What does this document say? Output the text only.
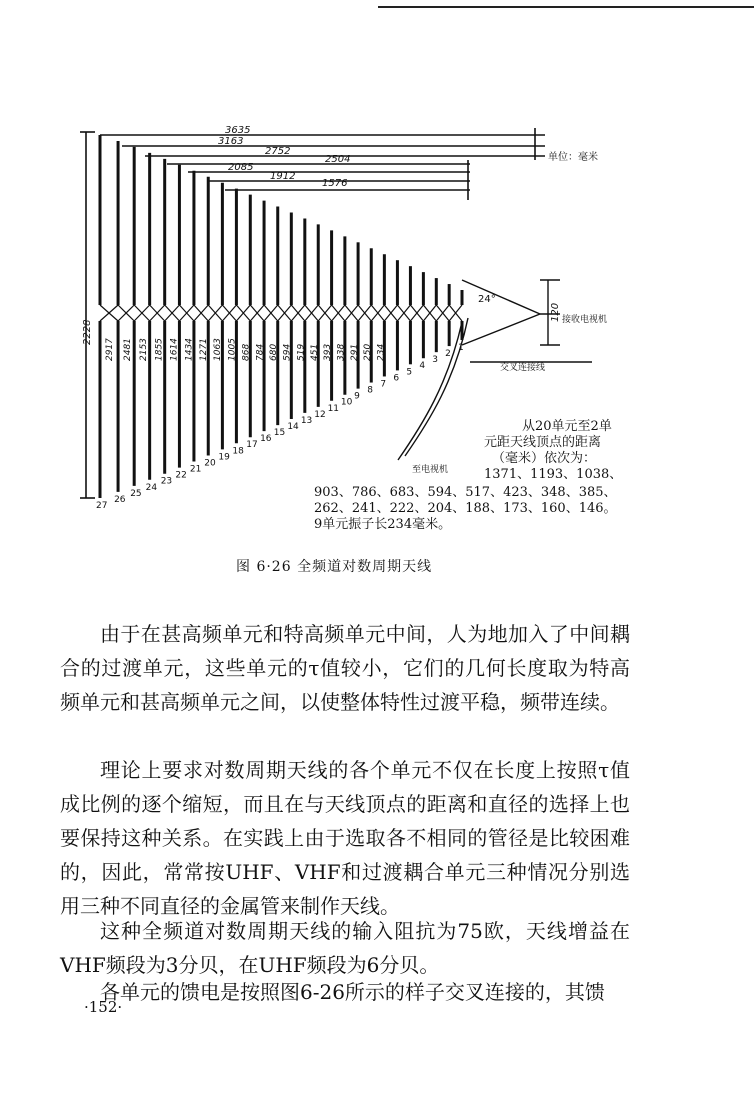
3635
3163
2752
2504
2085
1912
1576
单位：毫米
2228
120
24°
接收电视机
交叉连接线
至电视机
2917 2481 2153 1855 1614 1434 1271 1063 1005 868 784 680 594 519 451 393 338 291 250 234
27
26
25
24
23
22
21
20
19
18
17
16
15
14
13
12
11
10
9
8
7
6
5
4
3
2
1
从20单元至2单
元距天线顶点的距离
（毫米）依次为：
1371、1193、1038、
903、786、683、594、517、423、348、385、
262、241、222、204、188、173、160、146。
9单元振子长234毫米。
图 6·26 全频道对数周期天线

由于在甚高频单元和特高频单元中间，人为地加入了中间耦合的过渡单元，这些单元的τ值较小，它们的几何长度取为特高频单元和甚高频单元之间，以使整体特性过渡平稳，频带连续。

理论上要求对数周期天线的各个单元不仅在长度上按照τ值成比例的逐个缩短，而且在与天线顶点的距离和直径的选择上也要保持这种关系。在实践上由于选取各不相同的管径是比较困难的，因此，常常按UHF、VHF和过渡耦合单元三种情况分别选用三种不同直径的金属管来制作天线。

这种全频道对数周期天线的输入阻抗为75欧，天线增益在VHF频段为3分贝，在UHF频段为6分贝。

各单元的馈电是按照图6-26所示的样子交叉连接的，其馈

·152·
